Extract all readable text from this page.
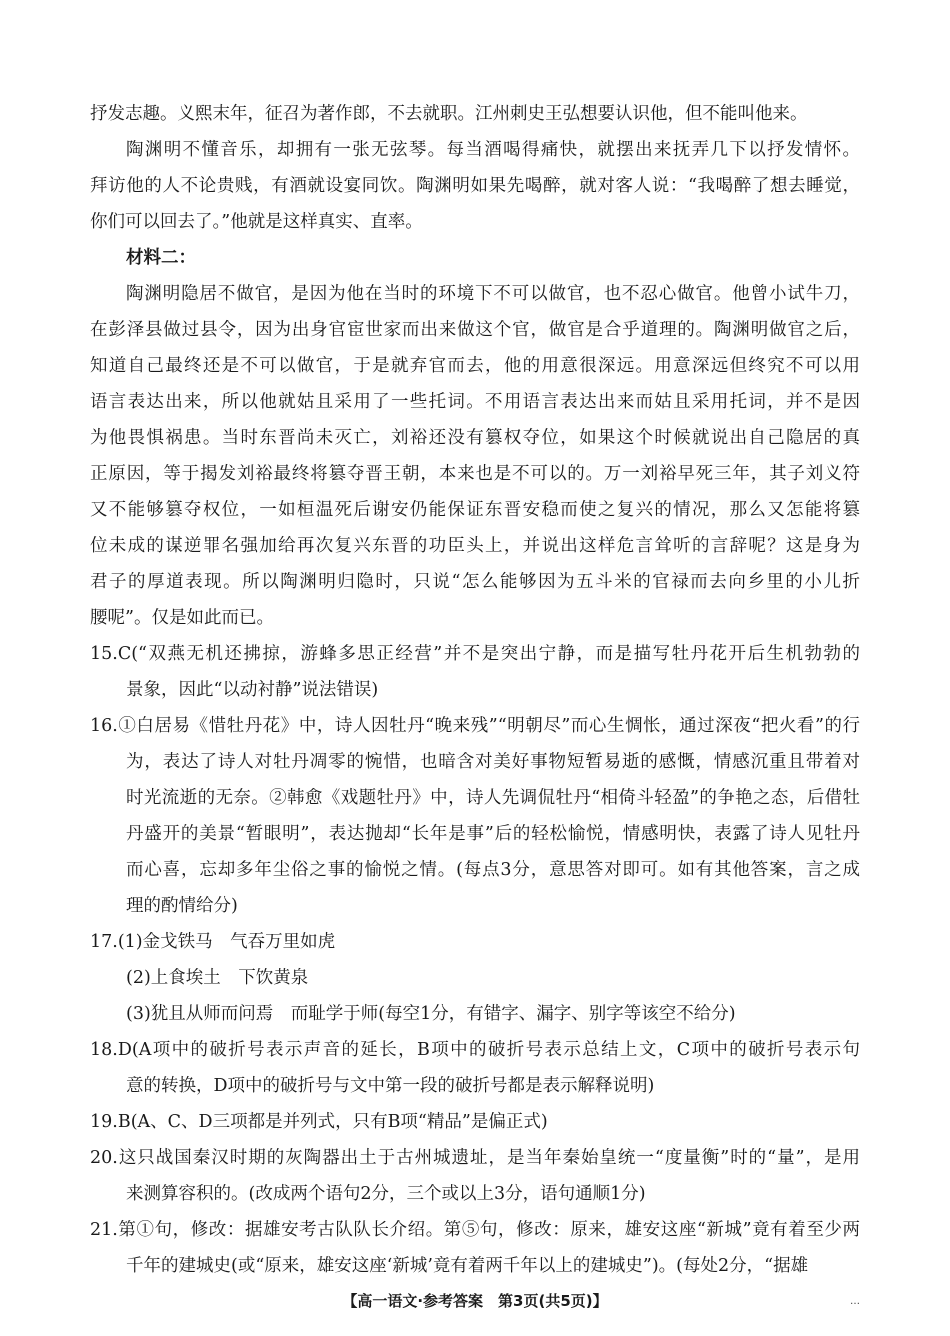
抒发志趣。义熙末年，征召为著作郎，不去就职。江州刺史王弘想要认识他，但不能叫他来。
陶渊明不懂音乐，却拥有一张无弦琴。每当酒喝得痛快，就摆出来抚弄几下以抒发情怀。
拜访他的人不论贵贱，有酒就设宴同饮。陶渊明如果先喝醉，就对客人说：“我喝醉了想去睡觉，
你们可以回去了。”他就是这样真实、直率。
材料二：
陶渊明隐居不做官，是因为他在当时的环境下不可以做官，也不忍心做官。他曾小试牛刀，
在彭泽县做过县令，因为出身官宦世家而出来做这个官，做官是合乎道理的。陶渊明做官之后，
知道自己最终还是不可以做官，于是就弃官而去，他的用意很深远。用意深远但终究不可以用
语言表达出来，所以他就姑且采用了一些托词。不用语言表达出来而姑且采用托词，并不是因
为他畏惧祸患。当时东晋尚未灭亡，刘裕还没有篡权夺位，如果这个时候就说出自己隐居的真
正原因，等于揭发刘裕最终将篡夺晋王朝，本来也是不可以的。万一刘裕早死三年，其子刘义符
又不能够篡夺权位，一如桓温死后谢安仍能保证东晋安稳而使之复兴的情况，那么又怎能将篡
位未成的谋逆罪名强加给再次复兴东晋的功臣头上，并说出这样危言耸听的言辞呢？这是身为
君子的厚道表现。所以陶渊明归隐时，只说“怎么能够因为五斗米的官禄而去向乡里的小儿折
腰呢”。仅是如此而已。
15.C(“双燕无机还拂掠，游蜂多思正经营”并不是突出宁静，而是描写牡丹花开后生机勃勃的
景象，因此“以动衬静”说法错误)
16.①白居易《惜牡丹花》中，诗人因牡丹“晚来残”“明朝尽”而心生惆怅，通过深夜“把火看”的行
为，表达了诗人对牡丹凋零的惋惜，也暗含对美好事物短暂易逝的感慨，情感沉重且带着对
时光流逝的无奈。②韩愈《戏题牡丹》中，诗人先调侃牡丹“相倚斗轻盈”的争艳之态，后借牡
丹盛开的美景“暂眼明”，表达抛却“长年是事”后的轻松愉悦，情感明快，表露了诗人见牡丹
而心喜，忘却多年尘俗之事的愉悦之情。(每点3分，意思答对即可。如有其他答案，言之成
理的酌情给分)
17.(1)金戈铁马　气吞万里如虎
(2)上食埃土　下饮黄泉
(3)犹且从师而问焉　而耻学于师(每空1分，有错字、漏字、别字等该空不给分)
18.D(A项中的破折号表示声音的延长，B项中的破折号表示总结上文，C项中的破折号表示句
意的转换，D项中的破折号与文中第一段的破折号都是表示解释说明)
19.B(A、C、D三项都是并列式，只有B项“精品”是偏正式)
20.这只战国秦汉时期的灰陶器出土于古州城遗址，是当年秦始皇统一“度量衡”时的“量”，是用
来测算容积的。(改成两个语句2分，三个或以上3分，语句通顺1分)
21.第①句，修改：据雄安考古队队长介绍。第⑤句，修改：原来，雄安这座“新城”竟有着至少两
千年的建城史(或“原来，雄安这座‘新城’竟有着两千年以上的建城史”)。(每处2分，“据雄
【高一语文·参考答案　第3页(共5页)】	…
